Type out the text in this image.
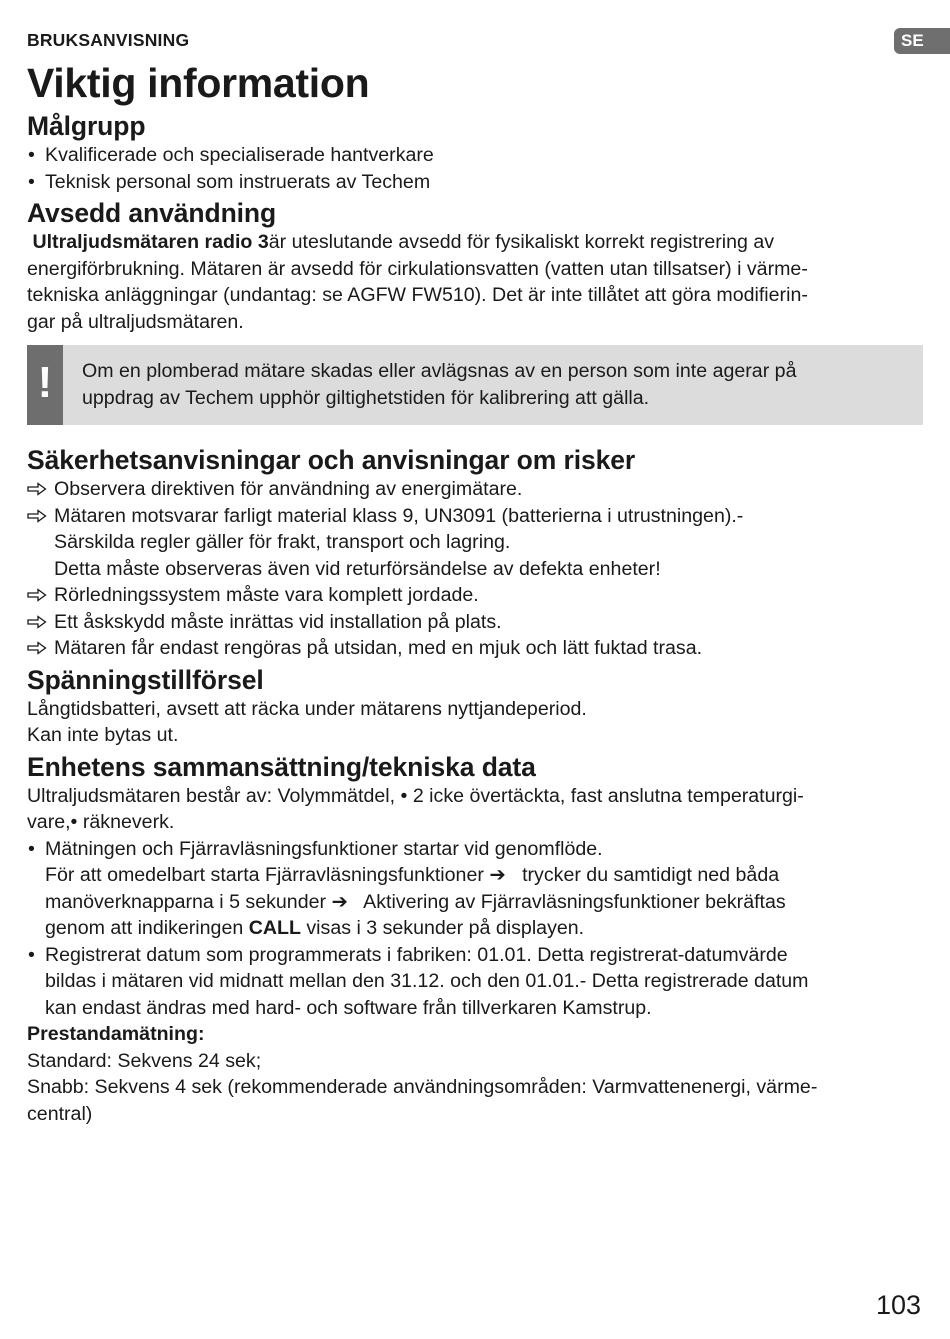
BRUKSANVISNING	SE
Viktig information
Målgrupp
• Kvalificerade och specialiserade hantverkare
• Teknisk personal som instruerats av Techem
Avsedd användning

Ultraljudsmätaren radio 3är uteslutande avsedd för fysikaliskt korrekt registrering av
energiförbrukning. Mätaren är avsedd för cirkulationsvatten (vatten utan tillsatser) i värme-
tekniska anläggningar (undantag: se AGFW FW510). Det är inte tillåtet att göra modifierin-
gar på ultraljudsmätaren.

!	Om en plomberad mätare skadas eller avlägsnas av en person som inte agerar på
uppdrag av Techem upphör giltighetstiden för kalibrering att gälla.
Säkerhetsanvisningar och anvisningar om risker
Observera direktiven för användning av energimätare.
Mätaren motsvarar farligt material klass 9, UN3091 (batterierna i utrustningen).-
Särskilda regler gäller för frakt, transport och lagring.
Detta måste observeras även vid returförsändelse av defekta enheter!
Rörledningssystem måste vara komplett jordade.
Ett åskskydd måste inrättas vid installation på plats.
Mätaren får endast rengöras på utsidan, med en mjuk och lätt fuktad trasa.
Spänningstillförsel

Långtidsbatteri, avsett att räcka under mätarens nyttjandeperiod.
Kan inte bytas ut.

Enhetens sammansättning/tekniska data

Ultraljudsmätaren består av: Volymmätdel, • 2 icke övertäckta, fast anslutna temperaturgi-
vare,• räkneverk.

• Mätningen och Fjärravläsningsfunktioner startar vid genomflöde.
För att omedelbart starta Fjärravläsningsfunktioner ➔   trycker du samtidigt ned båda
manöverknapparna i 5 sekunder ➔   Aktivering av Fjärravläsningsfunktioner bekräftas
genom att indikeringen CALL visas i 3 sekunder på displayen.
• Registrerat datum som programmerats i fabriken: 01.01. Detta registrerat-datumvärde
bildas i mätaren vid midnatt mellan den 31.12. och den 01.01.- Detta registrerade datum
kan endast ändras med hard- och software från tillverkaren Kamstrup.

Prestandamätning:

Standard: Sekvens 24 sek;
Snabb: Sekvens 4 sek (rekommenderade användningsområden: Varmvattenenergi, värme-
central)

103
